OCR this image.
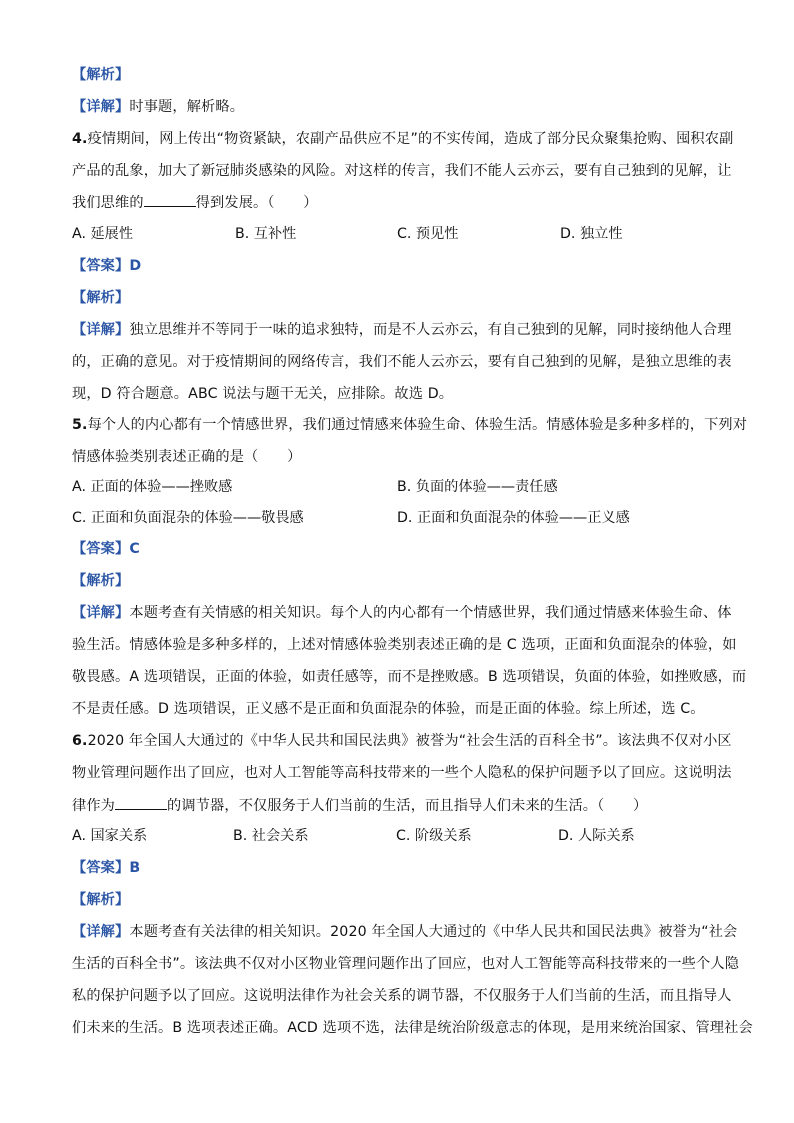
【解析】
【详解】时事题，解析略。
4.疫情期间，网上传出“物资紧缺，农副产品供应不足”的不实传闻，造成了部分民众聚集抢购、囤积农副
产品的乱象，加大了新冠肺炎感染的风险。对这样的传言，我们不能人云亦云，要有自己独到的见解，让
我们思维的	得到发展。（　　）
A. 延展性	B. 互补性	C. 预见性	D. 独立性
【答案】D
【解析】
【详解】独立思维并不等同于一味的追求独特，而是不人云亦云，有自己独到的见解，同时接纳他人合理
的，正确的意见。对于疫情期间的网络传言，我们不能人云亦云，要有自己独到的见解，是独立思维的表
现，D 符合题意。ABC 说法与题干无关，应排除。故选 D。
5.每个人的内心都有一个情感世界，我们通过情感来体验生命、体验生活。情感体验是多种多样的，下列对
情感体验类别表述正确的是（　　）
A. 正面的体验——挫败感	B. 负面的体验——责任感
C. 正面和负面混杂的体验——敬畏感	D. 正面和负面混杂的体验——正义感
【答案】C
【解析】
【详解】本题考查有关情感的相关知识。每个人的内心都有一个情感世界，我们通过情感来体验生命、体
验生活。情感体验是多种多样的，上述对情感体验类别表述正确的是 C 选项，正面和负面混杂的体验，如
敬畏感。A 选项错误，正面的体验，如责任感等，而不是挫败感。B 选项错误，负面的体验，如挫败感，而
不是责任感。D 选项错误，正义感不是正面和负面混杂的体验，而是正面的体验。综上所述，选 C。
6.2020 年全国人大通过的《中华人民共和国民法典》被誉为“社会生活的百科全书”。该法典不仅对小区
物业管理问题作出了回应，也对人工智能等高科技带来的一些个人隐私的保护问题予以了回应。这说明法
律作为	的调节器，不仅服务于人们当前的生活，而且指导人们未来的生活。（　　）
A. 国家关系	B. 社会关系	C. 阶级关系	D. 人际关系
【答案】B
【解析】
【详解】本题考查有关法律的相关知识。2020 年全国人大通过的《中华人民共和国民法典》被誉为“社会
生活的百科全书”。该法典不仅对小区物业管理问题作出了回应，也对人工智能等高科技带来的一些个人隐
私的保护问题予以了回应。这说明法律作为社会关系的调节器，不仅服务于人们当前的生活，而且指导人
们未来的生活。B 选项表述正确。ACD 选项不选，法律是统治阶级意志的体现，是用来统治国家、管理社会
